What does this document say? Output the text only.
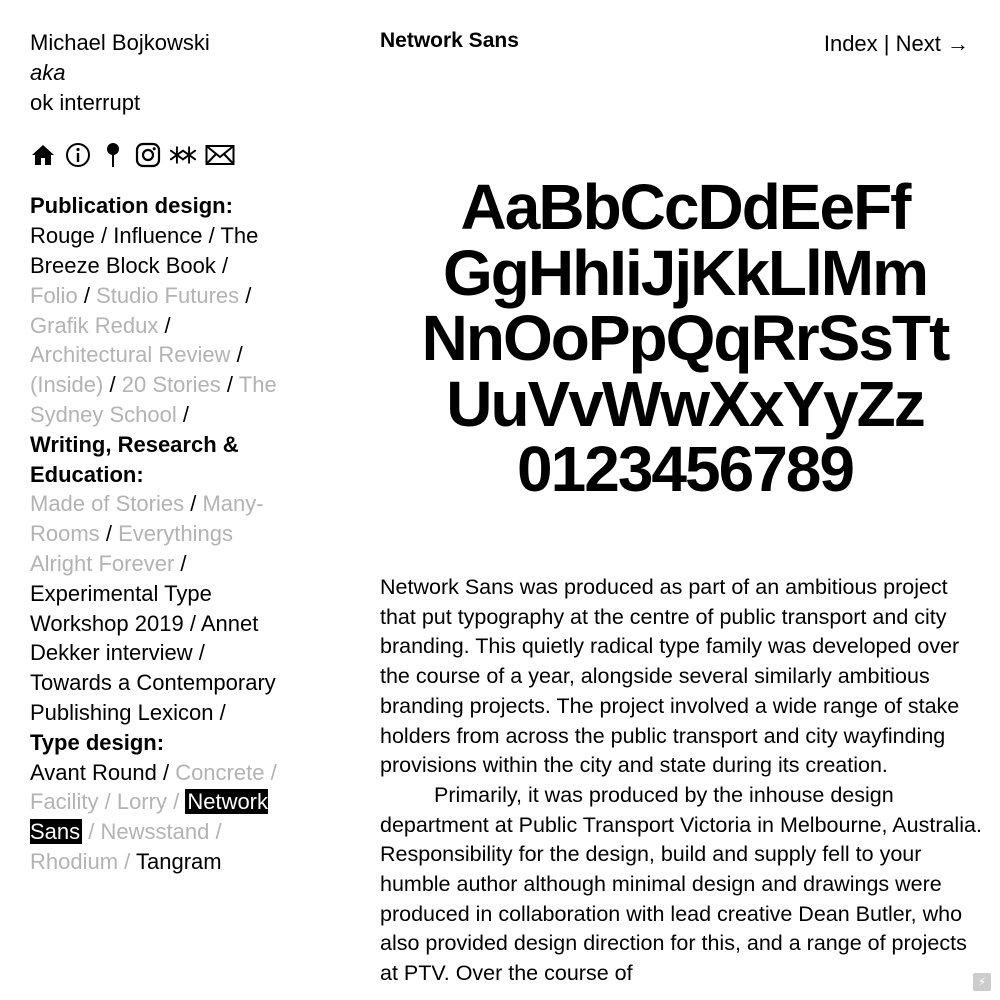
Michael Bojkowski
aka
ok interrupt
Publication design:
Rouge / Influence / The Breeze Block Book / Folio / Studio Futures / Grafik Redux / Architectural Review / (Inside) / 20 Stories / The Sydney School /
Writing, Research & Education:
Made of Stories / Many-Rooms / Everythings Alright Forever / Experimental Type Workshop 2019 / Annet Dekker interview / Towards a Contemporary Publishing Lexicon /
Type design:
Avant Round / Concrete / Facility / Lorry / Network Sans / Newsstand / Rhodium / Tangram
Network Sans	Index | Next →
AaBbCcDdEeFf
GgHhIiJjKkLlMm
NnOoPpQqRrSsTt
UuVvWwXxYyZz
0123456789

Network Sans was produced as part of an ambitious project that put typography at the centre of public transport and city branding. This quietly radical type family was developed over the course of a year, alongside several similarly ambitious branding projects. The project involved a wide range of stake holders from across the public transport and city wayfinding provisions within the city and state during its creation.

Primarily, it was produced by the inhouse design department at Public Transport Victoria in Melbourne, Australia. Responsibility for the design, build and supply fell to your humble author although minimal design and drawings were produced in collaboration with lead creative Dean Butler, who also provided design direction for this, and a range of projects at PTV. Over the course of	⚡
